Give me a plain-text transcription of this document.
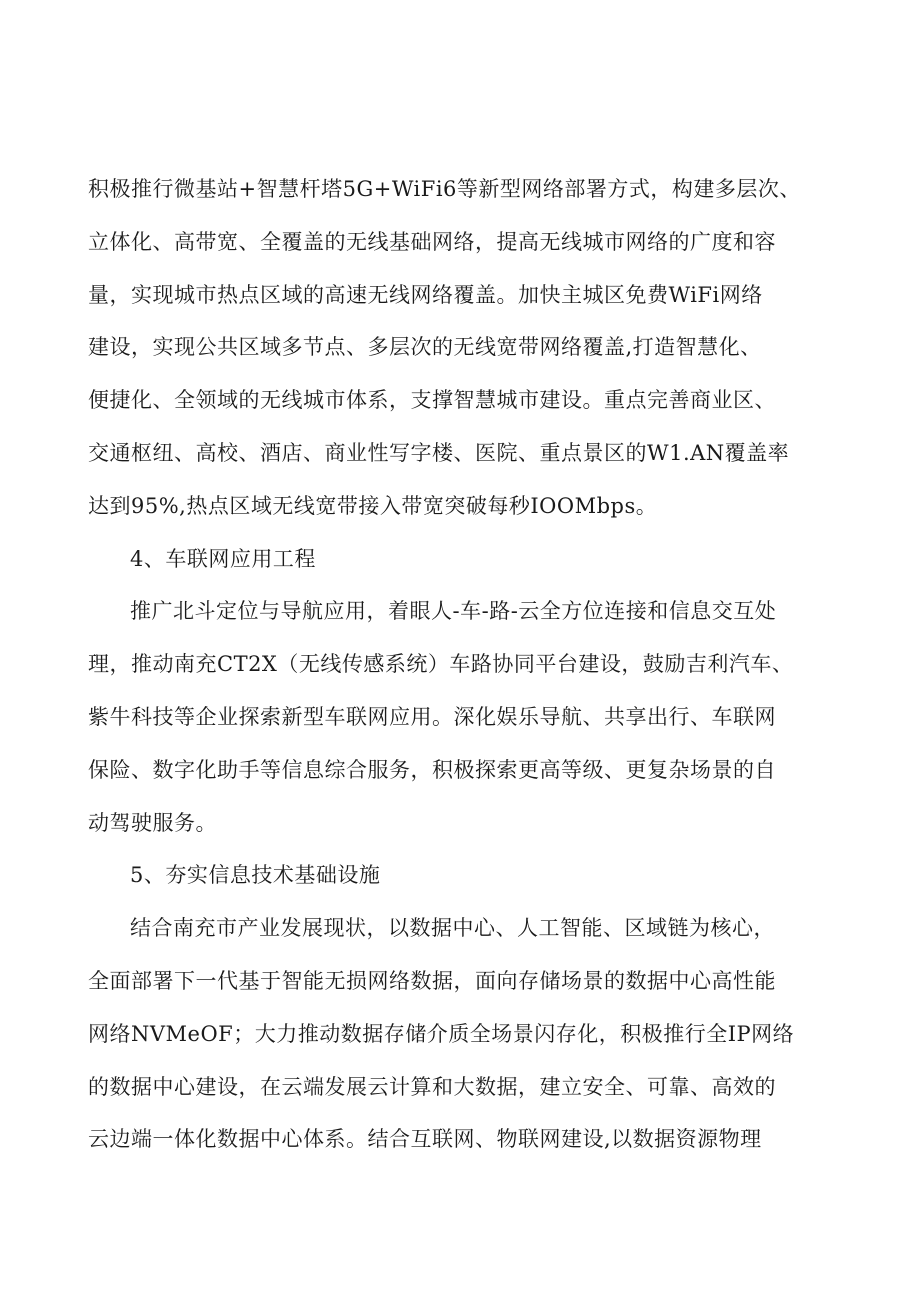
积极推行微基站+智慧杆塔5G+WiFi6等新型网络部署方式，构建多层次、
立体化、高带宽、全覆盖的无线基础网络，提高无线城市网络的广度和容
量，实现城市热点区域的高速无线网络覆盖。加快主城区免费WiFi网络
建设，实现公共区域多节点、多层次的无线宽带网络覆盖,打造智慧化、
便捷化、全领域的无线城市体系，支撑智慧城市建设。重点完善商业区、
交通枢纽、高校、酒店、商业性写字楼、医院、重点景区的W1.AN覆盖率
达到95%,热点区域无线宽带接入带宽突破每秒IOOMbps。
4、车联网应用工程
推广北斗定位与导航应用，着眼人-车-路-云全方位连接和信息交互处
理，推动南充CT2X（无线传感系统）车路协同平台建设，鼓励吉利汽车、
紫牛科技等企业探索新型车联网应用。深化娱乐导航、共享出行、车联网
保险、数字化助手等信息综合服务，积极探索更高等级、更复杂场景的自
动驾驶服务。
5、夯实信息技术基础设施
结合南充市产业发展现状，以数据中心、人工智能、区域链为核心，
全面部署下一代基于智能无损网络数据，面向存储场景的数据中心高性能
网络NVMeOF；大力推动数据存储介质全场景闪存化，积极推行全IP网络
的数据中心建设，在云端发展云计算和大数据，建立安全、可靠、高效的
云边端一体化数据中心体系。结合互联网、物联网建设,以数据资源物理
